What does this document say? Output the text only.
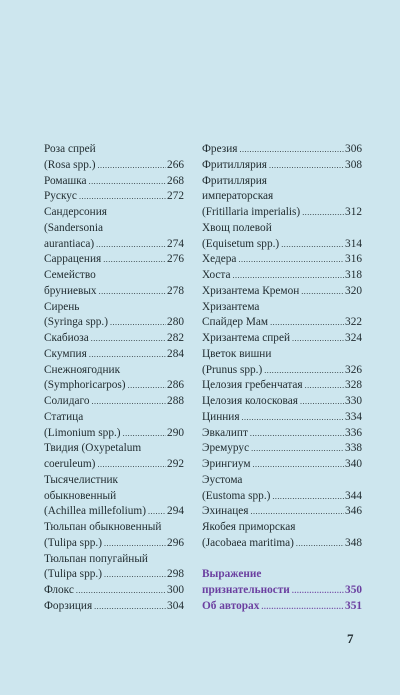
Роза спрей
(Rosa spp.) .....	266
Ромашка .....	268
Рускус .....	272
Сандерсония
(Sandersonia
aurantiaca) .....	274
Саррацения .....	276
Семейство
бруниевых .....	278
Сирень
(Syringa spp.) .....	280
Скабиоза .....	282
Скумпия .....	284
Снежноягодник
(Symphoricarpos) .....	286
Солидаго .....	288
Статица
(Limonium spp.) .....	290
Твидия (Oxypetalum
coeruleum) .....	292
Тысячелистник
обыкновенный
(Achillea millefolium) ..... 294
Тюльпан обыкновенный
(Tulipa spp.) .....	296
Тюльпан попугайный
(Tulipa spp.) .....	298
Флокс .....	300
Форзиция .....	304
Фрезия .....	306
Фритиллярия .....	308
Фритиллярия
императорская
(Fritillaria imperialis) .....	312
Хвощ полевой
(Equisetum spp.) .....	314
Хедера .....	316
Хоста .....	318
Хризантема Кремон .....	320
Хризантема
Спайдер Мам .....	322
Хризантема спрей .....	324
Цветок вишни
(Prunus spp.) .....	326
Целозия гребенчатая .....	328
Целозия колосковая .....	330
Цинния .....	334
Эвкалипт .....	336
Эремурус .....	338
Эрингиум .....	340
Эустома
(Eustoma spp.) .....	344
Эхинацея .....	346
Якобея приморская
(Jacobaea maritima) .....	348
Выражение
признательности .....	350
Об авторах .....	351
7
